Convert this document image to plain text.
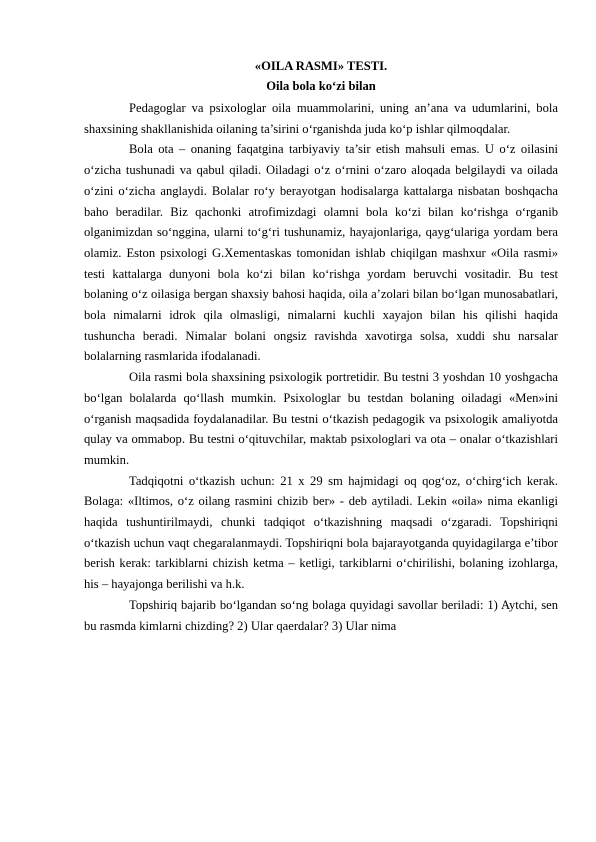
«OILA RASMI» TESTI.

Oila bola ko‘zi bilan

Pedagoglar va psixologlar oila muammolarini, uning an’ana va udumlarini, bola shaxsining shakllanishida oilaning ta’sirini o‘rganishda juda ko‘p ishlar qilmoqdalar.

Bola ota – onaning faqatgina tarbiyaviy ta’sir etish mahsuli emas. U o‘z oilasini o‘zicha tushunadi va qabul qiladi. Oiladagi o‘z o‘rnini o‘zaro aloqada belgilaydi va oilada o‘zini o‘zicha anglaydi. Bolalar ro‘y berayotgan hodisalarga kattalarga nisbatan boshqacha baho beradilar. Biz qachonki atrofimizdagi olamni bola ko‘zi bilan ko‘rishga o‘rganib olganimizdan so‘nggina, ularni to‘g‘ri tushunamiz, hayajonlariga, qayg‘ulariga yordam bera olamiz. Eston psixologi G.Xementaskas tomonidan ishlab chiqilgan mashxur «Oila rasmi» testi kattalarga dunyoni bola ko‘zi bilan ko‘rishga yordam beruvchi vositadir. Bu test bolaning o‘z oilasiga bergan shaxsiy bahosi haqida, oila a’zolari bilan bo‘lgan munosabatlari, bola nimalarni idrok qila olmasligi, nimalarni kuchli xayajon bilan his qilishi haqida tushuncha beradi. Nimalar bolani ongsiz ravishda xavotirga solsa, xuddi shu narsalar bolalarning rasmlarida ifodalanadi.

Oila rasmi bola shaxsining psixologik portretidir. Bu testni 3 yoshdan 10 yoshgacha bo‘lgan bolalarda qo‘llash mumkin. Psixologlar bu testdan bolaning oiladagi «Men»ini o‘rganish maqsadida foydalanadilar. Bu testni o‘tkazish pedagogik va psixologik amaliyotda qulay va ommabop. Bu testni o‘qituvchilar, maktab psixologlari va ota – onalar o‘tkazishlari mumkin.

Tadqiqotni o‘tkazish uchun: 21 x 29 sm hajmidagi oq qog‘oz, o‘chirg‘ich kerak. Bolaga: «Iltimos, o‘z oilang rasmini chizib ber» - deb aytiladi. Lekin «oila» nima ekanligi haqida tushuntirilmaydi, chunki tadqiqot o‘tkazishning maqsadi o‘zgaradi. Topshiriqni o‘tkazish uchun vaqt chegaralanmaydi. Topshiriqni bola bajarayotganda quyidagilarga e’tibor berish kerak: tarkiblarni chizish ketma – ketligi, tarkiblarni o‘chirilishi, bolaning izohlarga, his – hayajonga berilishi va h.k.

Topshiriq bajarib bo‘lgandan so‘ng bolaga quyidagi savollar beriladi: 1) Aytchi, sen bu rasmda kimlarni chizding? 2) Ular qaerdalar? 3) Ular nima
